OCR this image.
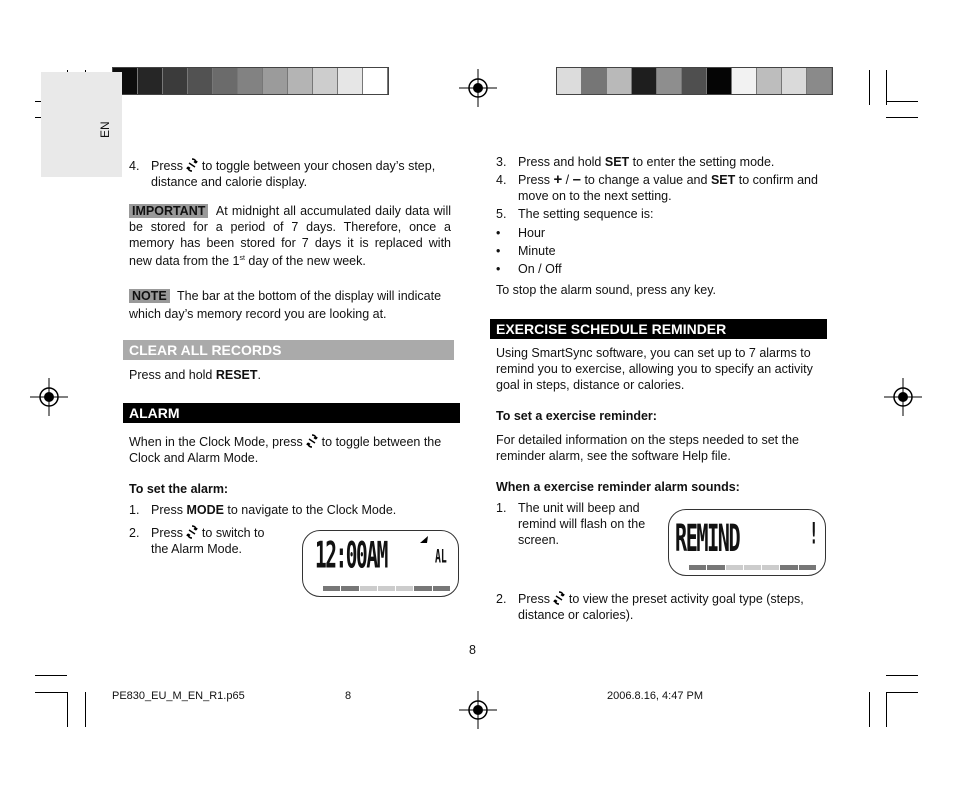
EN
4. Press to toggle between your chosen day’s step, distance and calorie display.
IMPORTANT At midnight all accumulated daily data will be stored for a period of 7 days. Therefore, once a memory has been stored for 7 days it is replaced with new data from the 1st day of the new week.
NOTE The bar at the bottom of the display will indicate which day’s memory record you are looking at.
CLEAR ALL RECORDS
Press and hold RESET.
ALARM
When in the Clock Mode, press to toggle between the Clock and Alarm Mode.
To set the alarm:
1. Press MODE to navigate to the Clock Mode.
2. Press to switch to the Alarm Mode.	12:00AM	AL
3. Press and hold SET to enter the setting mode.
4. Press + / – to change a value and SET to confirm and move on to the next setting.
5. The setting sequence is:
•	Hour
•	Minute
•	On / Off
To stop the alarm sound, press any key.
EXERCISE SCHEDULE REMINDER
Using SmartSync software, you can set up to 7 alarms to remind you to exercise, allowing you to specify an activity goal in steps, distance or calories.
To set a exercise reminder:
For detailed information on the steps needed to set the reminder alarm, see the software Help file.
When a exercise reminder alarm sounds:
1. The unit will beep and remind will flash on the screen.
2. Press to view the preset activity goal type (steps, distance or calories).
REMIND	!
8
PE830_EU_M_EN_R1.p65	8	2006.8.16, 4:47 PM
